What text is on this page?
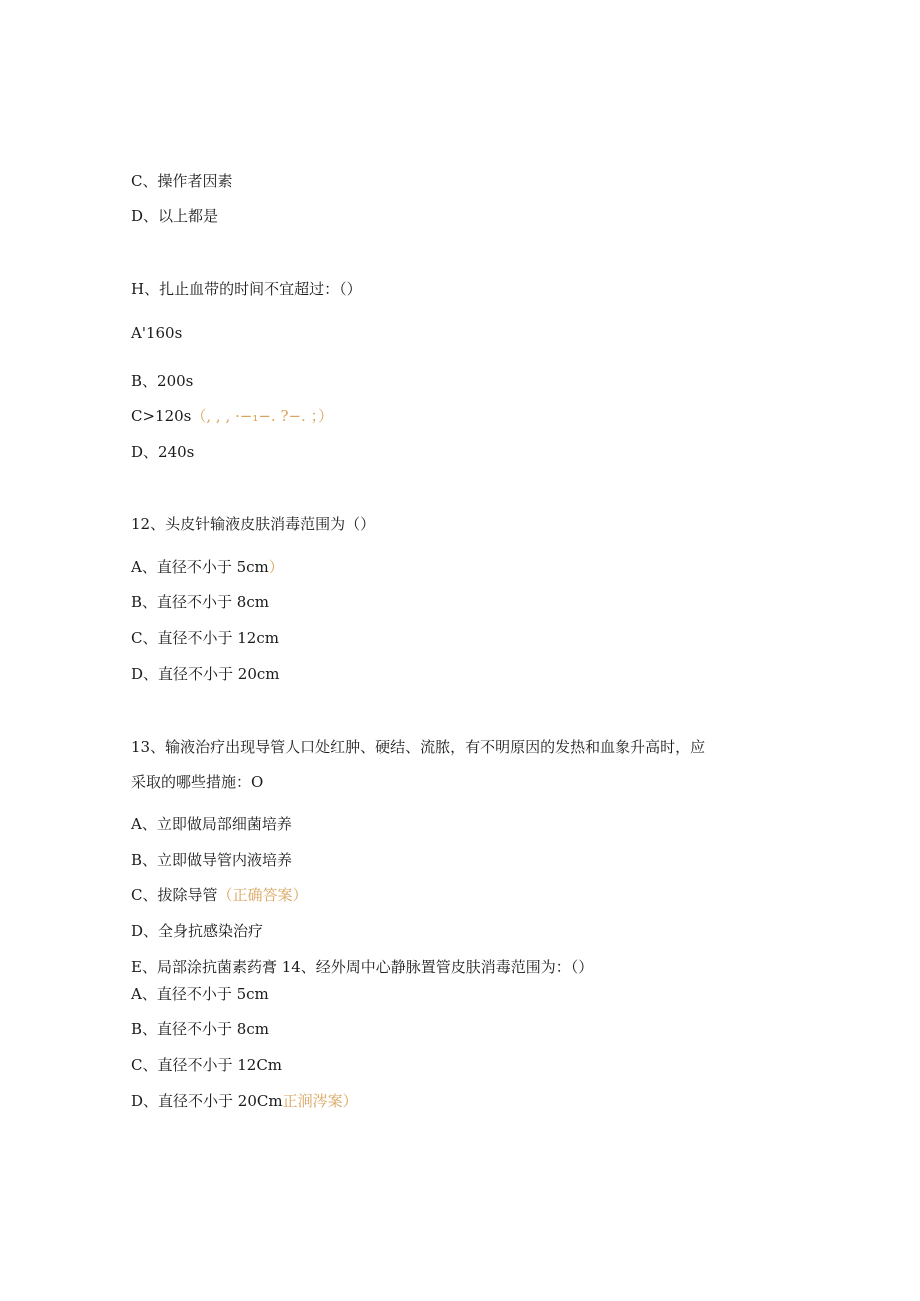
C、操作者因素
D、以上都是
H、扎止血带的时间不宜超过：（）
A'160s
B、200s
C>120s（, , , ·−₁−. ?−. ；）
D、240s
12、头皮针输液皮肤消毒范围为（）
A、直径不小于 5cm）
B、直径不小于 8cm
C、直径不小于 12cm
D、直径不小于 20cm
13、输液治疗出现导管人口处红肿、硬结、流脓，有不明原因的发热和血象升高时，应
采取的哪些措施：O
A、立即做局部细菌培养
B、立即做导管内液培养
C、拔除导管（正确答案）
D、全身抗感染治疗
E、局部涂抗菌素药膏 14、经外周中心静脉置管皮肤消毒范围为：（）
A、直径不小于 5cm
B、直径不小于 8cm
C、直径不小于 12Cm
D、直径不小于 20Cm正涧涔案）
